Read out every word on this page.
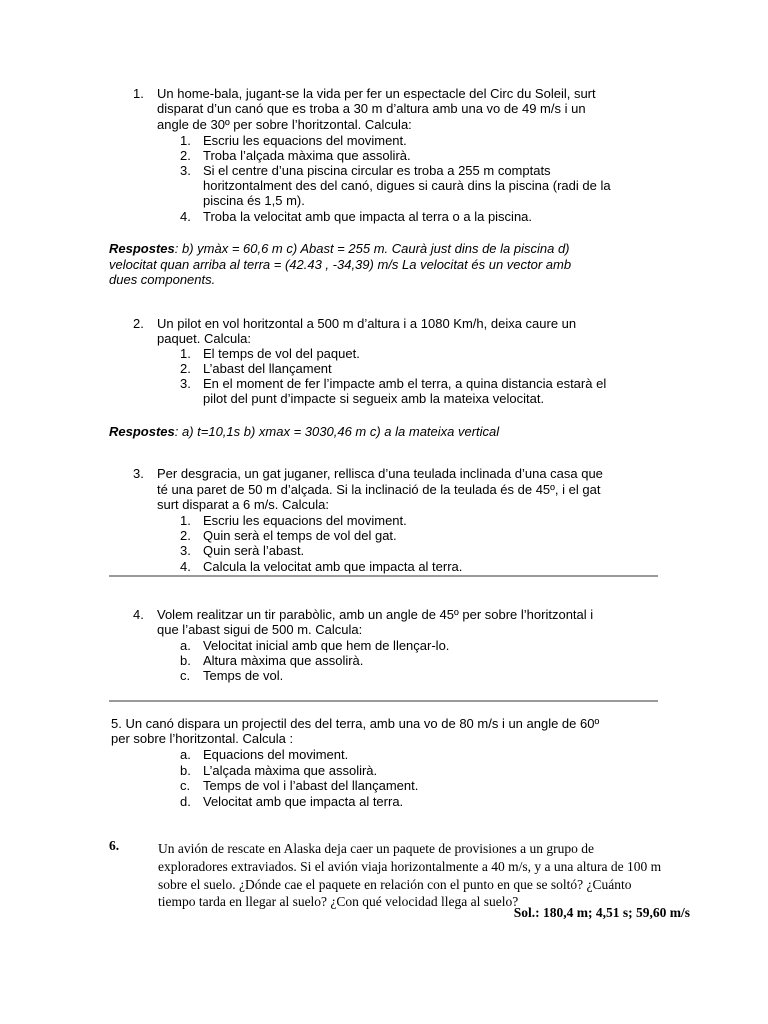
1. Un home-bala, jugant-se la vida per fer un espectacle del Circ du Soleil, surt
disparat d’un canó que es troba a 30 m d’altura amb una vo de 49 m/s i un
angle de 30º per sobre l’horitzontal. Calcula:
1. Escriu les equacions del moviment.
2. Troba l’alçada màxima que assolirà.
3. Si el centre d’una piscina circular es troba a 255 m comptats
horitzontalment des del canó, digues si caurà dins la piscina (radi de la
piscina és 1,5 m).
4. Troba la velocitat amb que impacta al terra o a la piscina.
Respostes: b) ymàx = 60,6 m c) Abast = 255 m. Caurà just dins de la piscina d)
velocitat quan arriba al terra = (42.43 , -34,39) m/s La velocitat és un vector amb
dues components.
2. Un pilot en vol horitzontal a 500 m d’altura i a 1080 Km/h, deixa caure un
paquet. Calcula:
1. El temps de vol del paquet.
2. L’abast del llançament
3. En el moment de fer l’impacte amb el terra, a quina distancia estarà el
pilot del punt d’impacte si segueix amb la mateixa velocitat.
Respostes: a) t=10,1s b) xmax = 3030,46 m c) a la mateixa vertical
3. Per desgracia, un gat juganer, rellisca d’una teulada inclinada d’una casa que
té una paret de 50 m d’alçada. Si la inclinació de la teulada és de 45º, i el gat
surt disparat a 6 m/s. Calcula:
1. Escriu les equacions del moviment.
2. Quin serà el temps de vol del gat.
3. Quin serà l’abast.
4. Calcula la velocitat amb que impacta al terra.
4. Volem realitzar un tir parabòlic, amb un angle de 45º per sobre l’horitzontal i
que l’abast sigui de 500 m. Calcula:
a. Velocitat inicial amb que hem de llençar-lo.
b. Altura màxima que assolirà.
c. Temps de vol.
5. Un canó dispara un projectil des del terra, amb una vo de 80 m/s i un angle de 60º
per sobre l’horitzontal. Calcula :
a. Equacions del moviment.
b. L’alçada màxima que assolirà.
c. Temps de vol i l’abast del llançament.
d. Velocitat amb que impacta al terra.
6.	Un avión de rescate en Alaska deja caer un paquete de provisiones a un grupo de
exploradores extraviados. Si el avión viaja horizontalmente a 40 m/s, y a una altura de 100 m
sobre el suelo. ¿Dónde cae el paquete en relación con el punto en que se soltó? ¿Cuánto
tiempo tarda en llegar al suelo? ¿Con qué velocidad llega al suelo?
Sol.: 180,4 m; 4,51 s; 59,60 m/s
